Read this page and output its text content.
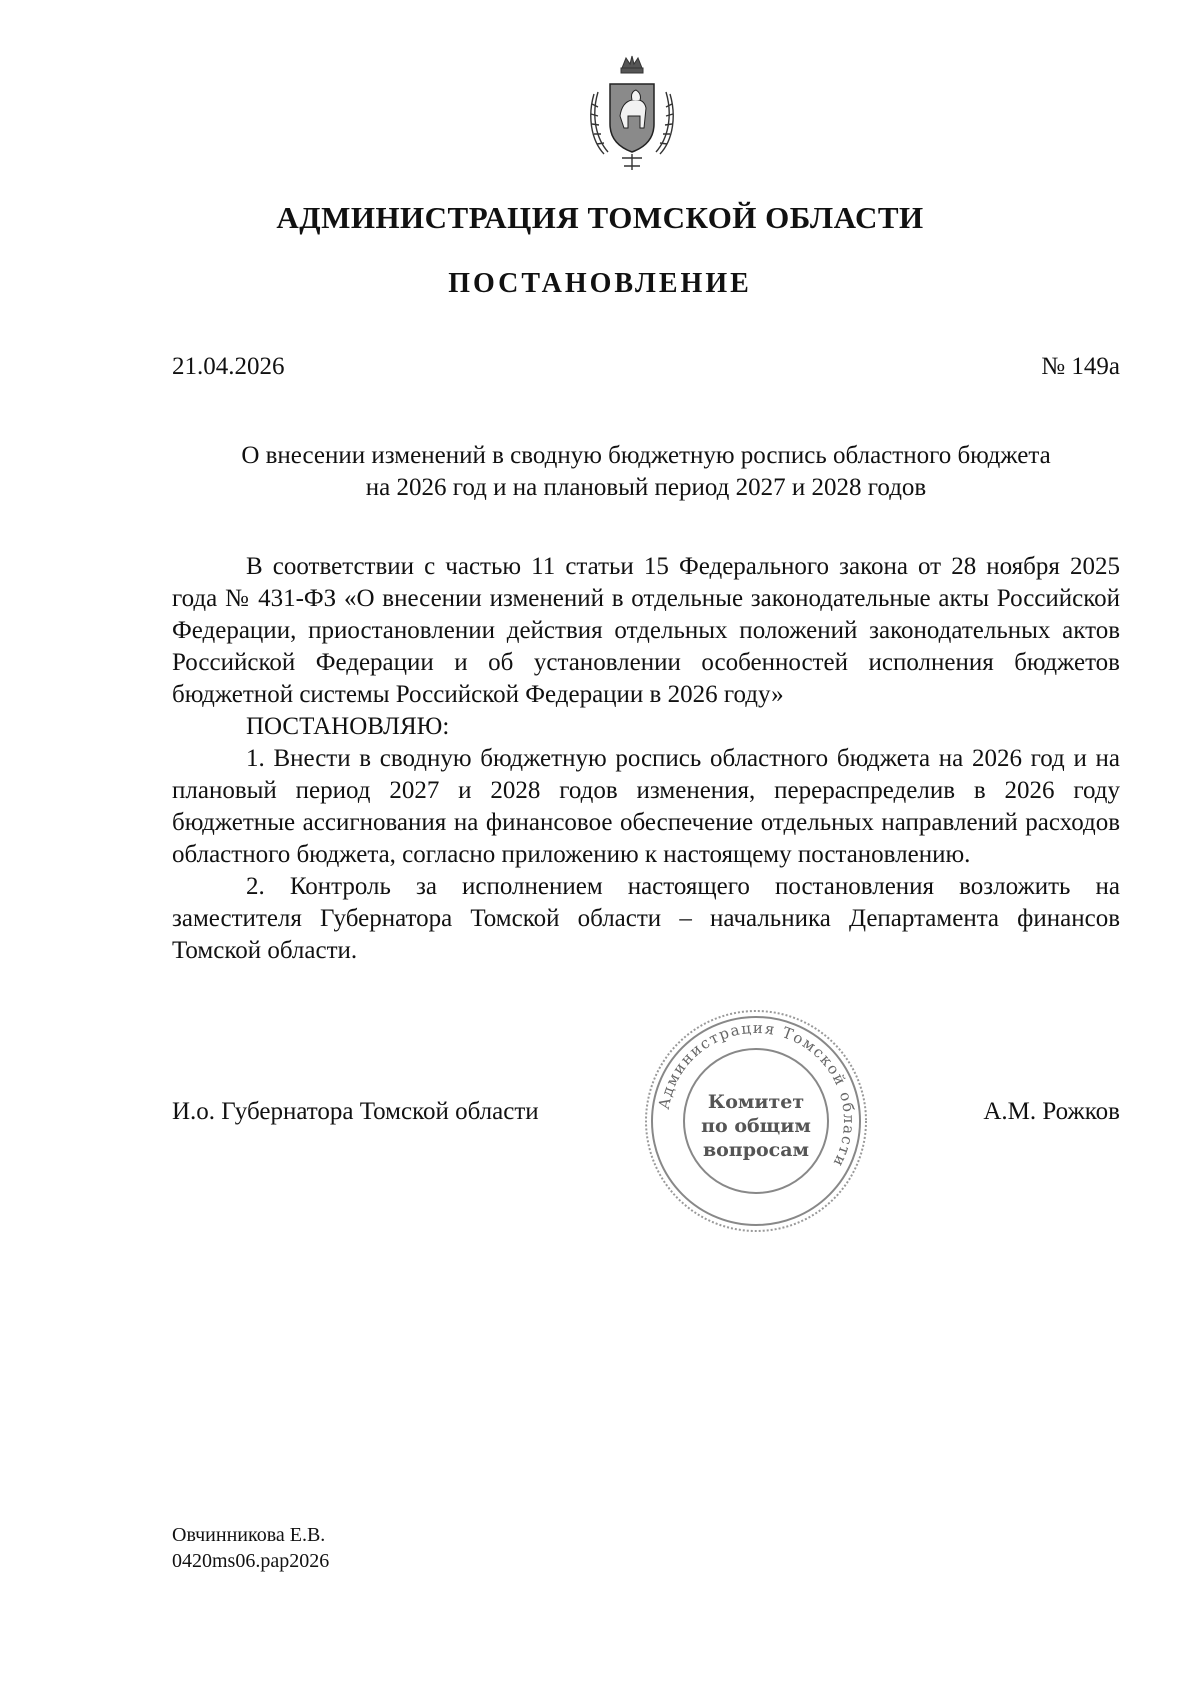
АДМИНИСТРАЦИЯ ТОМСКОЙ ОБЛАСТИ
ПОСТАНОВЛЕНИЕ
21.04.2026	№ 149а
О внесении изменений в сводную бюджетную роспись областного бюджета
на 2026 год и на плановый период 2027 и 2028 годов

В соответствии с частью 11 статьи 15 Федерального закона от 28 ноября 2025 года № 431-ФЗ «О внесении изменений в отдельные законодательные акты Российской Федерации, приостановлении действия отдельных положений законодательных актов Российской Федерации и об установлении особенностей исполнения бюджетов бюджетной системы Российской Федерации в 2026 году»

ПОСТАНОВЛЯЮ:

1. Внести в сводную бюджетную роспись областного бюджета на 2026 год и на плановый период 2027 и 2028 годов изменения, перераспределив в 2026 году бюджетные ассигнования на финансовое обеспечение отдельных направлений расходов областного бюджета, согласно приложению к настоящему постановлению.

2. Контроль за исполнением настоящего постановления возложить на заместителя Губернатора Томской области – начальника Департамента финансов Томской области.

И.о. Губернатора Томской области	А.М. Рожков
Администрация Томской области
Комитет
по общим
вопросам
Овчинникова Е.В.
0420ms06.pap2026
